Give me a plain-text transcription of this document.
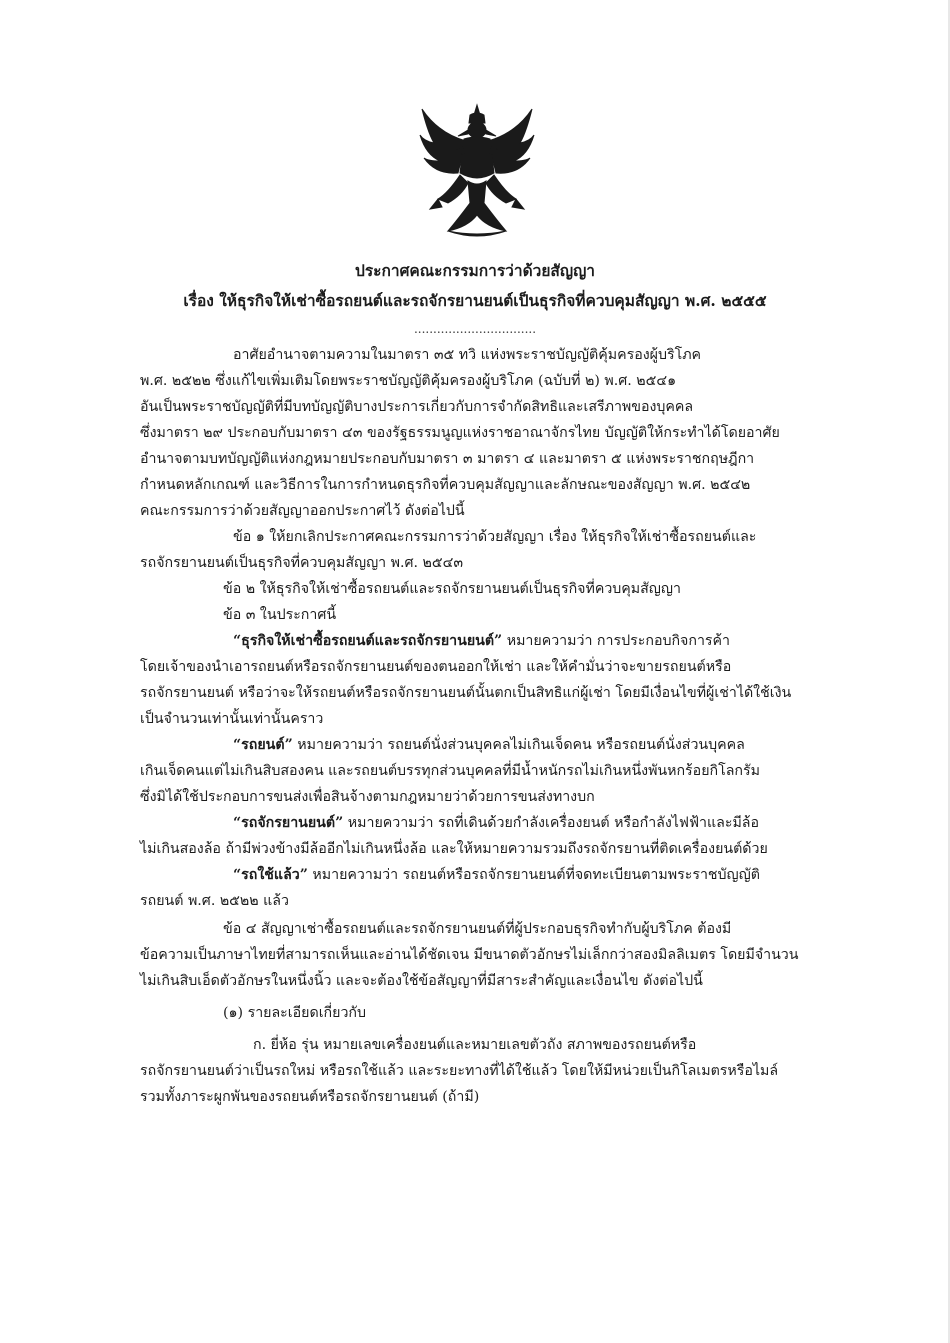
ประกาศคณะกรรมการว่าด้วยสัญญา
เรื่อง ให้ธุรกิจให้เช่าซื้อรถยนต์และรถจักรยานยนต์เป็นธุรกิจที่ควบคุมสัญญา พ.ศ. ๒๕๕๕
................................
อาศัยอำนาจตามความในมาตรา ๓๕ ทวิ แห่งพระราชบัญญัติคุ้มครองผู้บริโภค
พ.ศ. ๒๕๒๒ ซึ่งแก้ไขเพิ่มเติมโดยพระราชบัญญัติคุ้มครองผู้บริโภค (ฉบับที่ ๒) พ.ศ. ๒๕๔๑
อันเป็นพระราชบัญญัติที่มีบทบัญญัติบางประการเกี่ยวกับการจำกัดสิทธิและเสรีภาพของบุคคล
ซึ่งมาตรา ๒๙ ประกอบกับมาตรา ๔๓ ของรัฐธรรมนูญแห่งราชอาณาจักรไทย บัญญัติให้กระทำได้โดยอาศัย
อำนาจตามบทบัญญัติแห่งกฎหมายประกอบกับมาตรา ๓ มาตรา ๔ และมาตรา ๕ แห่งพระราชกฤษฎีกา
กำหนดหลักเกณฑ์ และวิธีการในการกำหนดธุรกิจที่ควบคุมสัญญาและลักษณะของสัญญา พ.ศ. ๒๕๔๒
คณะกรรมการว่าด้วยสัญญาออกประกาศไว้ ดังต่อไปนี้
ข้อ ๑ ให้ยกเลิกประกาศคณะกรรมการว่าด้วยสัญญา เรื่อง ให้ธุรกิจให้เช่าซื้อรถยนต์และ
รถจักรยานยนต์เป็นธุรกิจที่ควบคุมสัญญา พ.ศ. ๒๕๔๓
ข้อ ๒ ให้ธุรกิจให้เช่าซื้อรถยนต์และรถจักรยานยนต์เป็นธุรกิจที่ควบคุมสัญญา
ข้อ ๓ ในประกาศนี้
“ธุรกิจให้เช่าซื้อรถยนต์และรถจักรยานยนต์” หมายความว่า การประกอบกิจการค้า
โดยเจ้าของนำเอารถยนต์หรือรถจักรยานยนต์ของตนออกให้เช่า และให้คำมั่นว่าจะขายรถยนต์หรือ
รถจักรยานยนต์ หรือว่าจะให้รถยนต์หรือรถจักรยานยนต์นั้นตกเป็นสิทธิแก่ผู้เช่า โดยมีเงื่อนไขที่ผู้เช่าได้ใช้เงิน
เป็นจำนวนเท่านั้นเท่านั้นคราว
“รถยนต์” หมายความว่า รถยนต์นั่งส่วนบุคคลไม่เกินเจ็ดคน หรือรถยนต์นั่งส่วนบุคคล
เกินเจ็ดคนแต่ไม่เกินสิบสองคน และรถยนต์บรรทุกส่วนบุคคลที่มีน้ำหนักรถไม่เกินหนึ่งพันหกร้อยกิโลกรัม
ซึ่งมิได้ใช้ประกอบการขนส่งเพื่อสินจ้างตามกฎหมายว่าด้วยการขนส่งทางบก
“รถจักรยานยนต์” หมายความว่า รถที่เดินด้วยกำลังเครื่องยนต์ หรือกำลังไฟฟ้าและมีล้อ
ไม่เกินสองล้อ ถ้ามีพ่วงข้างมีล้ออีกไม่เกินหนึ่งล้อ และให้หมายความรวมถึงรถจักรยานที่ติดเครื่องยนต์ด้วย
“รถใช้แล้ว” หมายความว่า รถยนต์หรือรถจักรยานยนต์ที่จดทะเบียนตามพระราชบัญญัติ
รถยนต์ พ.ศ. ๒๕๒๒ แล้ว
ข้อ ๔ สัญญาเช่าซื้อรถยนต์และรถจักรยานยนต์ที่ผู้ประกอบธุรกิจทำกับผู้บริโภค ต้องมี
ข้อความเป็นภาษาไทยที่สามารถเห็นและอ่านได้ชัดเจน มีขนาดตัวอักษรไม่เล็กกว่าสองมิลลิเมตร โดยมีจำนวน
ไม่เกินสิบเอ็ดตัวอักษรในหนึ่งนิ้ว และจะต้องใช้ข้อสัญญาที่มีสาระสำคัญและเงื่อนไข ดังต่อไปนี้
(๑) รายละเอียดเกี่ยวกับ
ก. ยี่ห้อ รุ่น หมายเลขเครื่องยนต์และหมายเลขตัวถัง สภาพของรถยนต์หรือ
รถจักรยานยนต์ว่าเป็นรถใหม่ หรือรถใช้แล้ว และระยะทางที่ได้ใช้แล้ว โดยให้มีหน่วยเป็นกิโลเมตรหรือไมล์
รวมทั้งภาระผูกพันของรถยนต์หรือรถจักรยานยนต์ (ถ้ามี)
